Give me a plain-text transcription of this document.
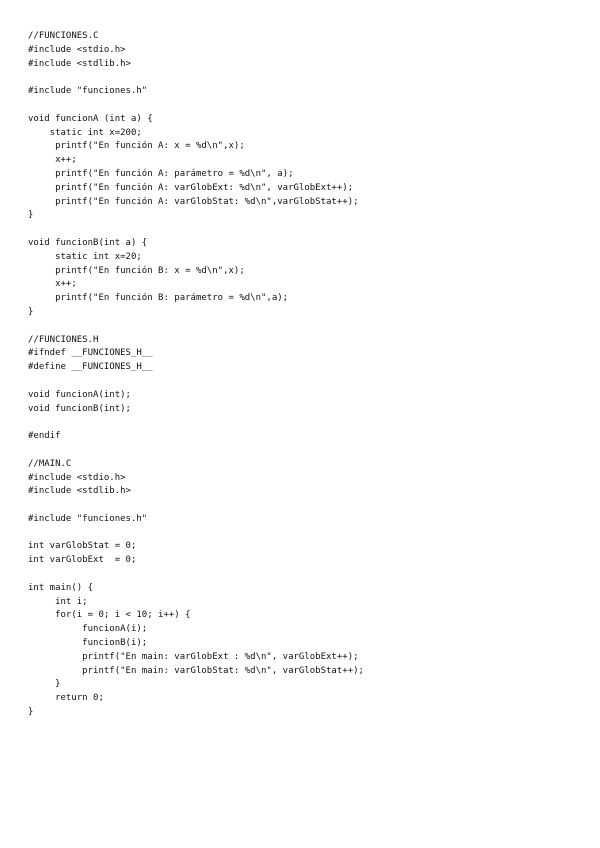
//FUNCIONES.C
#include <stdio.h>
#include <stdlib.h>
#include "funciones.h"
void funcionA (int a) {
static int x=200;
printf("En función A: x = %d\n",x);
x++;
printf("En función A: parámetro = %d\n", a);
printf("En función A: varGlobExt: %d\n", varGlobExt++);
printf("En función A: varGlobStat: %d\n",varGlobStat++);
}
void funcionB(int a) {
static int x=20;
printf("En función B: x = %d\n",x);
x++;
printf("En función B: parámetro = %d\n",a);
}
//FUNCIONES.H
#ifndef __FUNCIONES_H__
#define __FUNCIONES_H__
void funcionA(int);
void funcionB(int);
#endif
//MAIN.C
#include <stdio.h>
#include <stdlib.h>
#include "funciones.h"
int varGlobStat = 0;
int varGlobExt  = 0;
int main() {
int i;
for(i = 0; i < 10; i++) {
funcionA(i);
funcionB(i);
printf("En main: varGlobExt : %d\n", varGlobExt++);
printf("En main: varGlobStat: %d\n", varGlobStat++);
}
return 0;
}
